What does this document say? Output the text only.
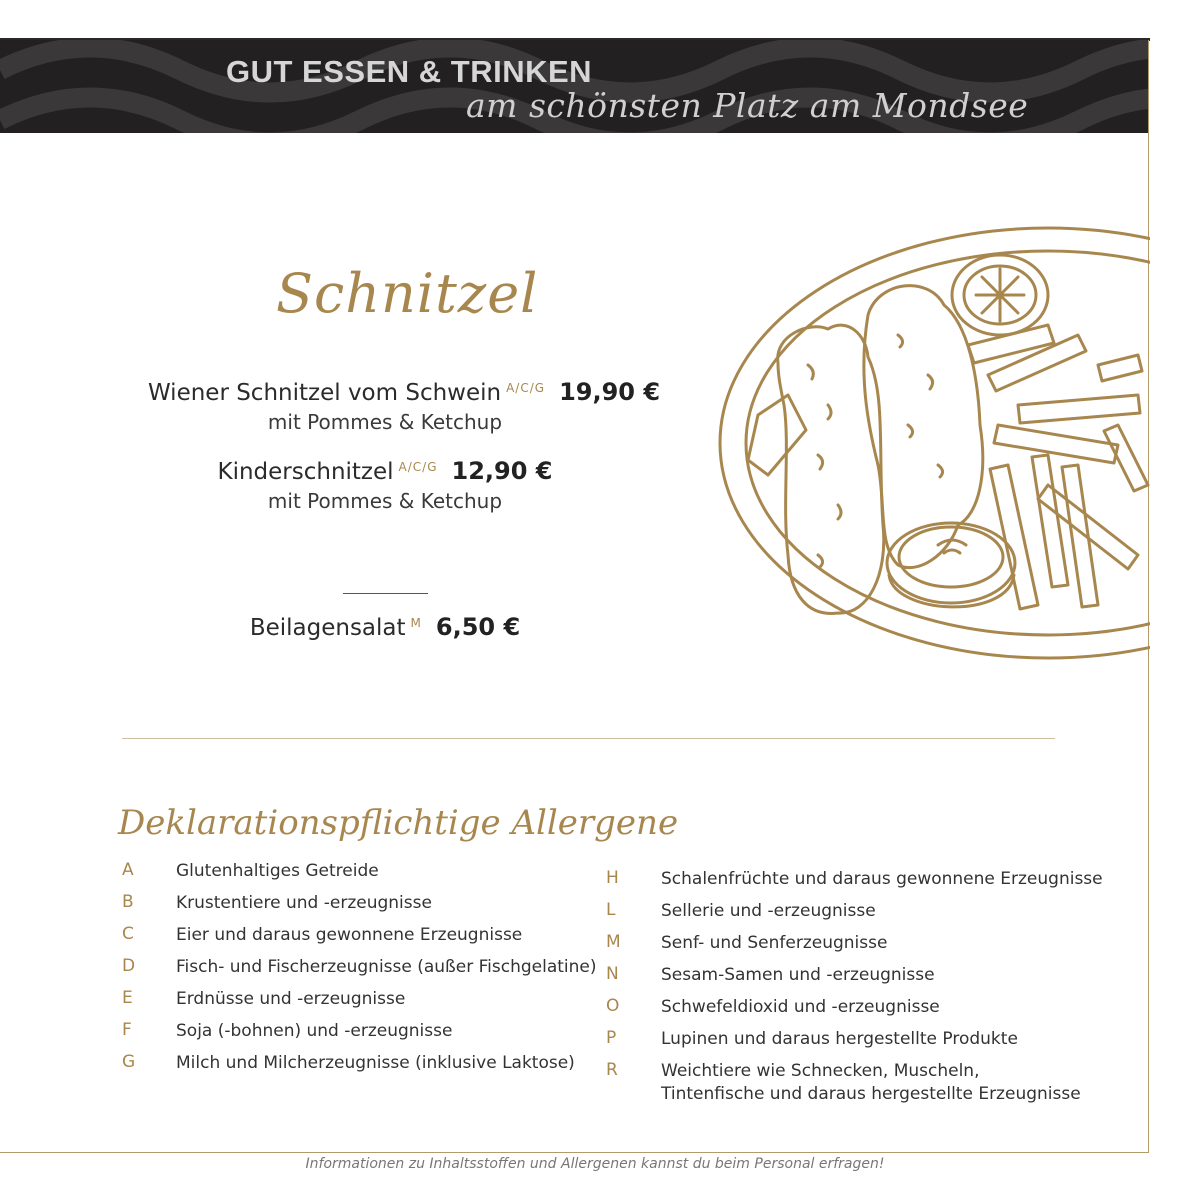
GUT ESSEN & TRINKEN
am schönsten Platz am Mondsee
Schnitzel
Wiener Schnitzel vom Schwein $^{A/C/G}$ 19,90 €
mit Pommes & Ketchup
Kinderschnitzel $^{A/C/G}$ 12,90 €
mit Pommes & Ketchup
Beilagensalat $^M$ 6,50 €
Deklarationspflichtige Allergene
A	Glutenhaltiges Getreide
B	Krustentiere und -erzeugnisse
C	Eier und daraus gewonnene Erzeugnisse
D	Fisch- und Fischerzeugnisse (außer Fischgelatine)
E	Erdnüsse und -erzeugnisse
F	Soja (-bohnen) und -erzeugnisse
G	Milch und Milcherzeugnisse (inklusive Laktose)
H	Schalenfrüchte und daraus gewonnene Erzeugnisse
L	Sellerie und -erzeugnisse
M	Senf- und Senferzeugnisse
N	Sesam-Samen und -erzeugnisse
O	Schwefeldioxid und -erzeugnisse
P	Lupinen und daraus hergestellte Produkte
R	Weichtiere wie Schnecken, Muscheln,
Tintenfische und daraus hergestellte Erzeugnisse
Informationen zu Inhaltsstoffen und Allergenen kannst du beim Personal erfragen!
